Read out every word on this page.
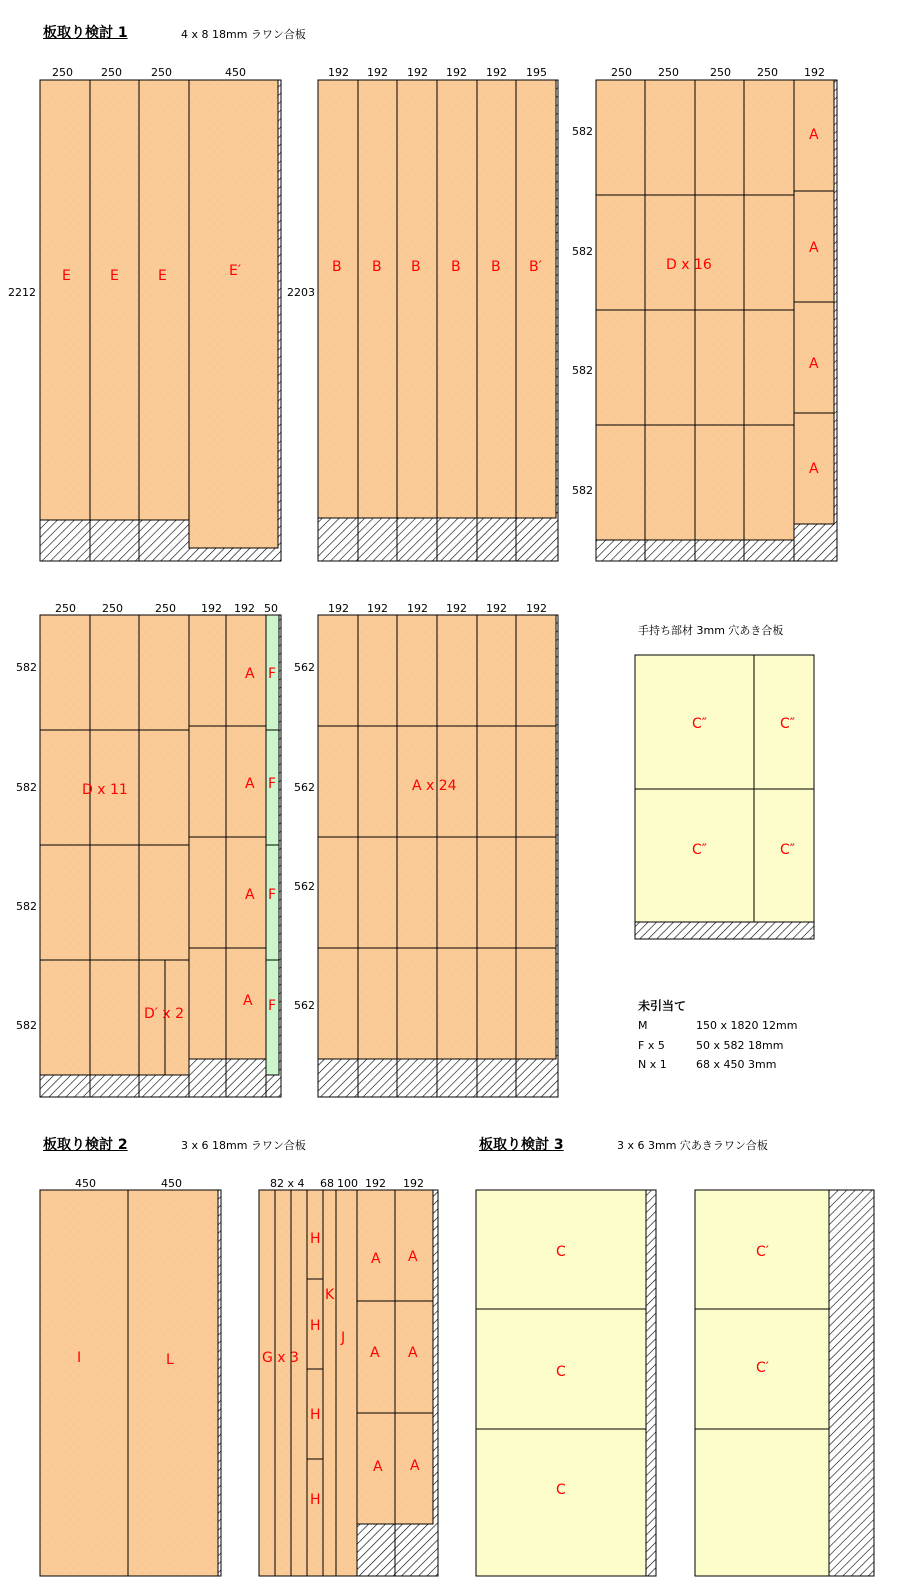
板取り検討 1	4 x 8 18mm ラワン合板
板取り検討 2	3 x 6 18mm ラワン合板	板取り検討 3	3 x 6 3mm 穴あきラワン合板
250	250	250	450
2212
192 192 192 192 192 195
2203
250 250	250 250 192
582
582
582
582
250 250	250 192 192 50
582
582
582
582
192 192 192 192 192 192
562
562
562
562
手持ち部材 3mm 穴あき合板
未引当て
M	150 x 1820 12mm
F x 5	50 x 582 18mm
N x 1	68 x 450 3mm
450	450	82 x 4 68 100 192 192
E	E	E	E′	B B B B B B′	D x 16
A
A
A
A
D x 11
D′ x 2
A
A
A
A
F
F
F
F
A x 24
C″	C″
C″	C″
I	L	G x 3
H
H
H
H
K
J
A A
A A
A A
C
C
C
C′
C′
